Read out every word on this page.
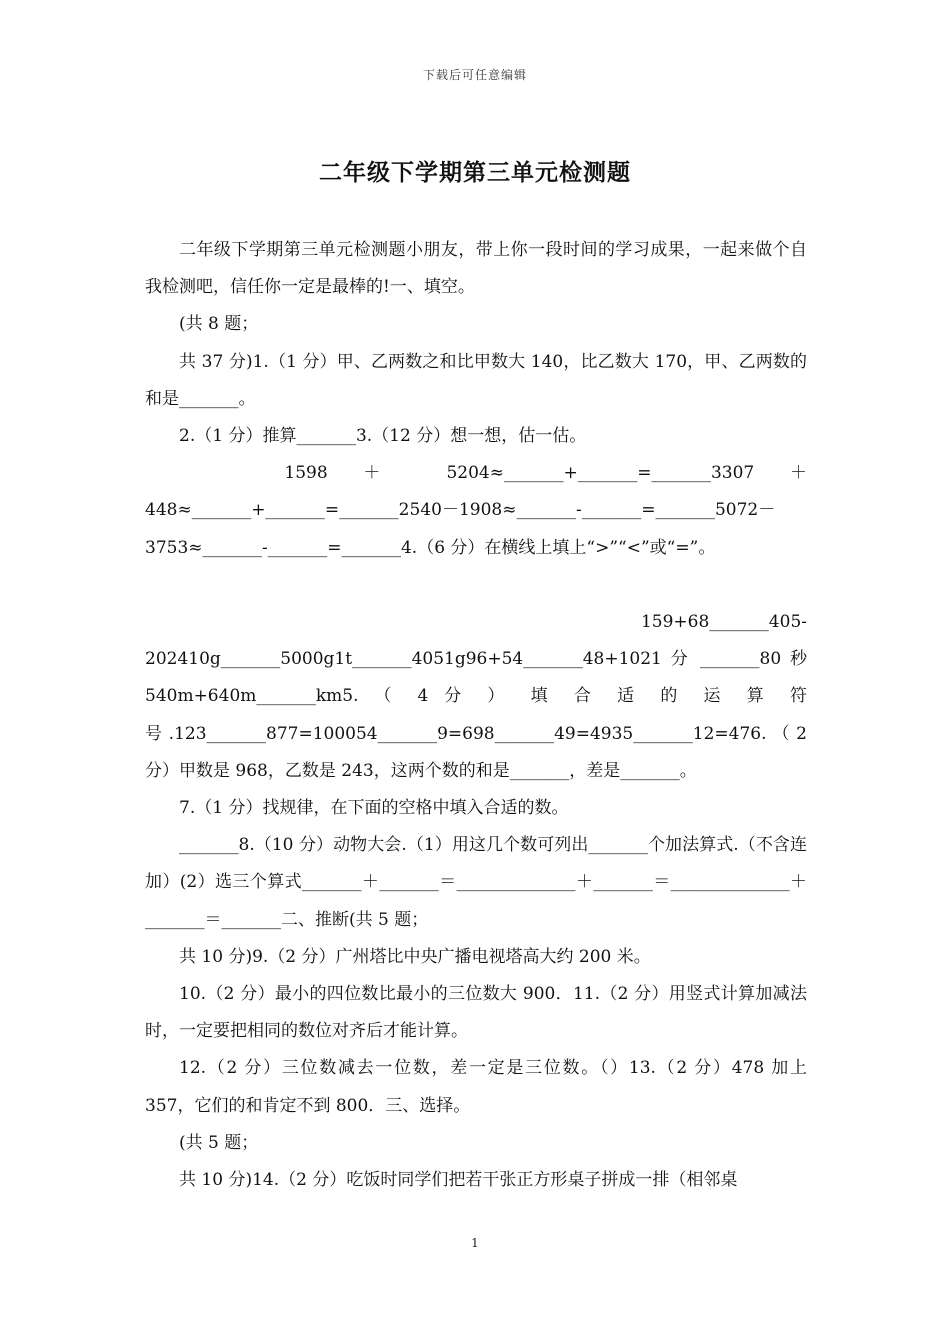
下载后可任意编辑
二年级下学期第三单元检测题

二年级下学期第三单元检测题小朋友，带上你一段时间的学习成果，一起来做个自我检测吧，信任你一定是最棒的!一、填空。

(共 8 题；

共 37 分)1.（1 分）甲、乙两数之和比甲数大 140，比乙数大 170，甲、乙两数的和是_______。

2.（1 分）推算_______3.（12 分）想一想，估一估。

1598 ＋ 5204≈_______+_______=_______3307 ＋

448≈_______+_______=_______2540－1908≈_______-_______=_______5072－

3753≈_______-_______=_______4.（6 分）在横线上填上“>”“<”或“=”。

159+68_______405-

202410g_______5000g1t_______4051g96+54_______48+1021 分 _______80 秒

540m+640m_______km5. （ 4 分 ） 填 合 适 的 运 算 符

号 .123_______877=100054_______9=698_______49=4935_______12=476. （ 2

分）甲数是 968，乙数是 243，这两个数的和是_______，差是_______。

7.（1 分）找规律，在下面的空格中填入合适的数。

_______8.（10 分）动物大会.（1）用这几个数可列出_______个加法算式.（不含连加）(2）选三个算式_______＋_______＝______________＋_______＝______________＋_______＝_______二、推断(共 5 题；

共 10 分)9.（2 分）广州塔比中央广播电视塔高大约 200 米。

10.（2 分）最小的四位数比最小的三位数大 900．11.（2 分）用竖式计算加减法时，一定要把相同的数位对齐后才能计算。

12.（2 分）三位数减去一位数，差一定是三位数。（）13.（2 分）478 加上 357，它们的和肯定不到 800．三、选择。

(共 5 题；

共 10 分)14.（2 分）吃饭时同学们把若干张正方形桌子拼成一排（相邻桌

1
